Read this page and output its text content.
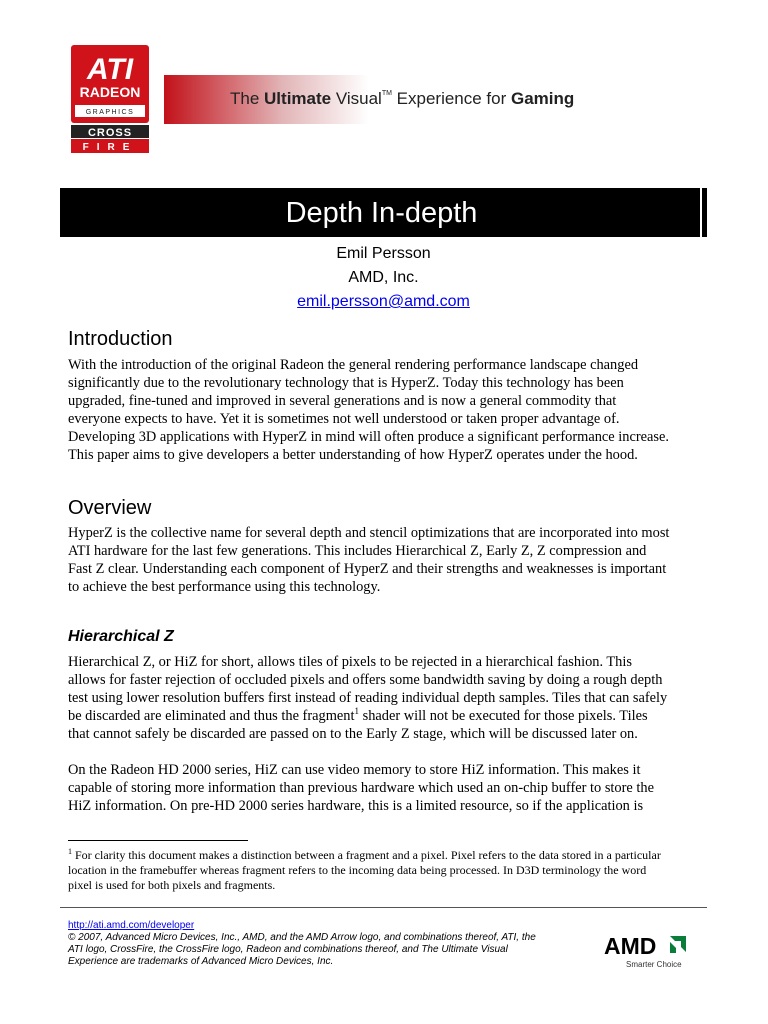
ATI
RADEON
GRAPHICS
CROSS
FIRE
The Ultimate Visual™ Experience for Gaming
Depth In-depth
Emil Persson
AMD, Inc.
emil.persson@amd.com
Introduction

With the introduction of the original Radeon the general rendering performance landscape changed

significantly due to the revolutionary technology that is HyperZ. Today this technology has been

upgraded, fine-tuned and improved in several generations and is now a general commodity that

everyone expects to have. Yet it is sometimes not well understood or taken proper advantage of.

Developing 3D applications with HyperZ in mind will often produce a significant performance increase.

This paper aims to give developers a better understanding of how HyperZ operates under the hood.

Overview

HyperZ is the collective name for several depth and stencil optimizations that are incorporated into most

ATI hardware for the last few generations. This includes Hierarchical Z, Early Z, Z compression and

Fast Z clear. Understanding each component of HyperZ and their strengths and weaknesses is important

to achieve the best performance using this technology.

Hierarchical Z

Hierarchical Z, or HiZ for short, allows tiles of pixels to be rejected in a hierarchical fashion. This

allows for faster rejection of occluded pixels and offers some bandwidth saving by doing a rough depth

test using lower resolution buffers first instead of reading individual depth samples. Tiles that can safely

be discarded are eliminated and thus the fragment$^1$ shader will not be executed for those pixels. Tiles

that cannot safely be discarded are passed on to the Early Z stage, which will be discussed later on.

On the Radeon HD 2000 series, HiZ can use video memory to store HiZ information. This makes it

capable of storing more information than previous hardware which used an on-chip buffer to store the

HiZ information. On pre-HD 2000 series hardware, this is a limited resource, so if the application is

$^1$ For clarity this document makes a distinction between a fragment and a pixel. Pixel refers to the data stored in a particular
location in the framebuffer whereas fragment refers to the incoming data being processed. In D3D terminology the word
pixel is used for both pixels and fragments.
http://ati.amd.com/developer
© 2007, Advanced Micro Devices, Inc., AMD, and the AMD Arrow logo, and combinations thereof, ATI, the
ATI logo, CrossFire, the CrossFire logo, Radeon and combinations thereof, and The Ultimate Visual
Experience are trademarks of Advanced Micro Devices, Inc.
AMD
Smarter Choice
